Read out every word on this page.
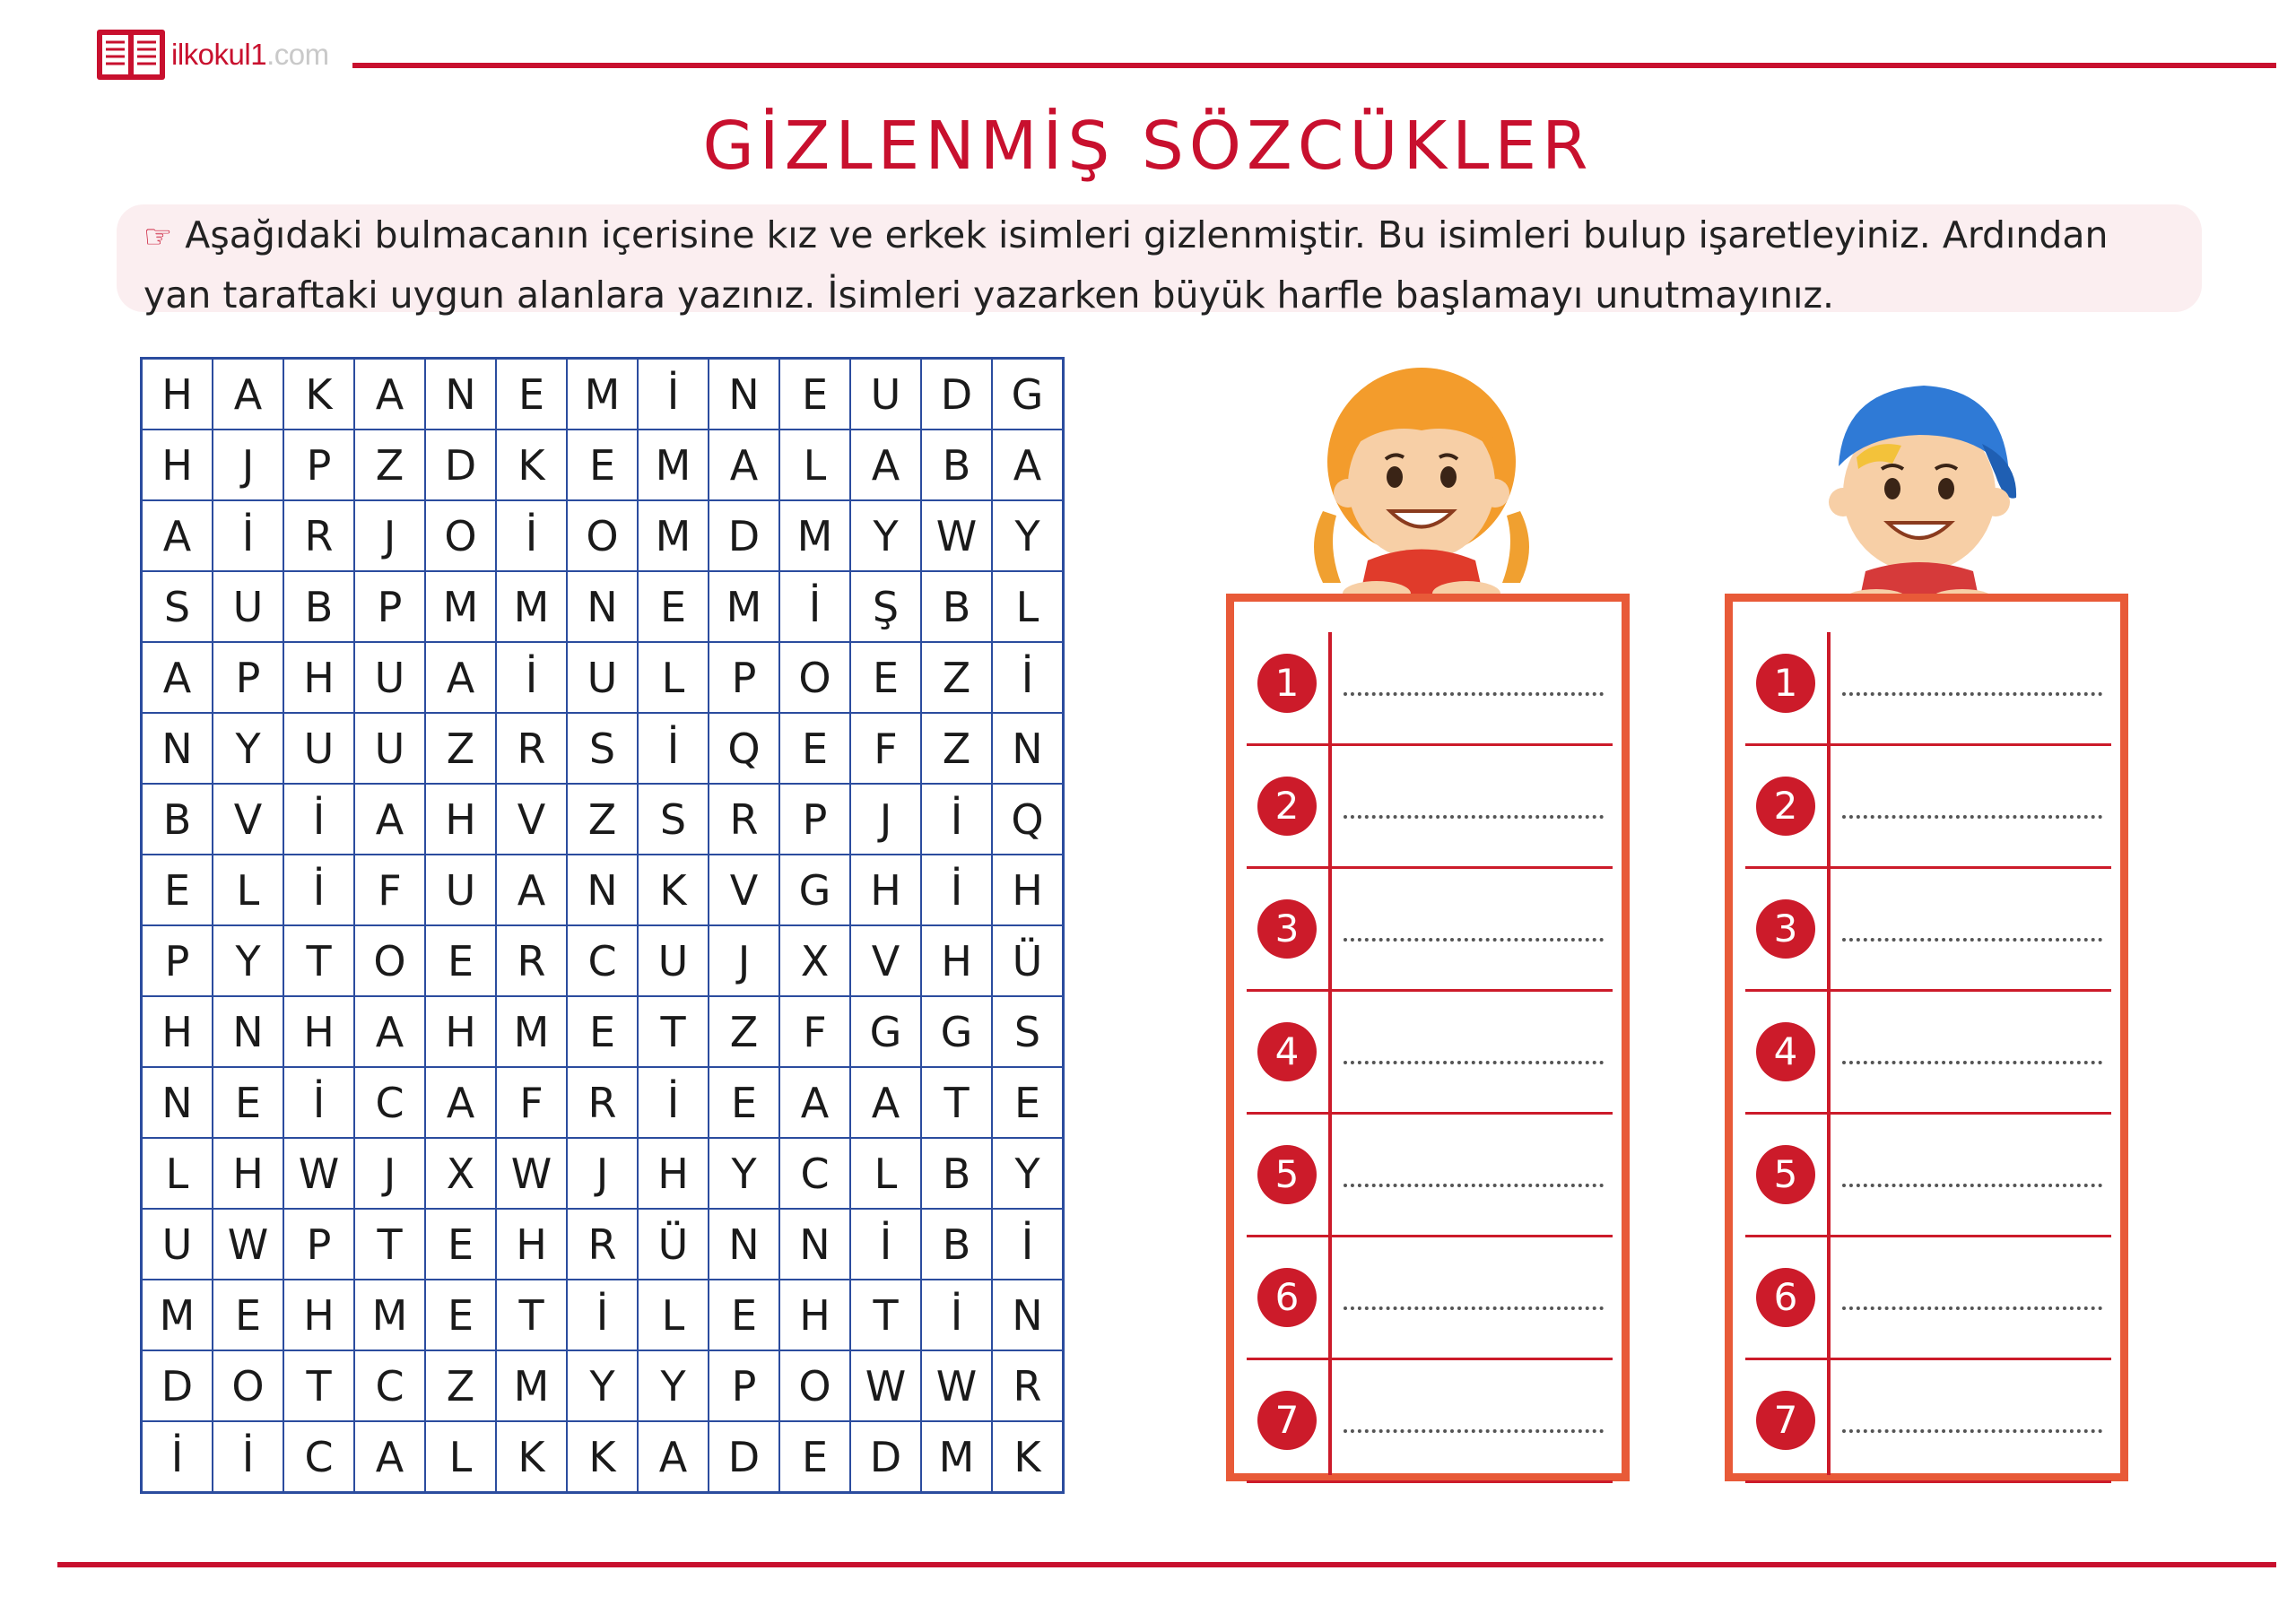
ilkokul1.com
GİZLENMİŞ SÖZCÜKLER
☞ Aşağıdaki bulmacanın içerisine kız ve erkek isimleri gizlenmiştir. Bu isimleri bulup işaretleyiniz. Ardından yan taraftaki uygun alanlara yazınız. İsimleri yazarken büyük harfle başlamayı unutmayınız.
H	A	K	A	N	E	M	İ	N	E	U	D	G
H	J	P	Z	D	K	E	M	A	L	A	B	A
A	İ	R	J	O	İ	O	M	D	M	Y	W	Y
S	U	B	P	M	M	N	E	M	İ	Ş	B	L
A	P	H	U	A	İ	U	L	P	O	E	Z	İ
N	Y	U	U	Z	R	S	İ	Q	E	F	Z	N
B	V	İ	A	H	V	Z	S	R	P	J	İ	Q
E	L	İ	F	U	A	N	K	V	G	H	İ	H
P	Y	T	O	E	R	C	U	J	X	V	H	Ü
H	N	H	A	H	M	E	T	Z	F	G	G	S
N	E	İ	C	A	F	R	İ	E	A	A	T	E
L	H	W	J	X	W	J	H	Y	C	L	B	Y
U	W	P	T	E	H	R	Ü	N	N	İ	B	İ
M	E	H	M	E	T	İ	L	E	H	T	İ	N
D	O	T	C	Z	M	Y	Y	P	O	W	W	R
İ	İ	C	A	L	K	K	A	D	E	D	M	K
1
2
3
4
5
6
7
1
2
3
4
5
6
7
